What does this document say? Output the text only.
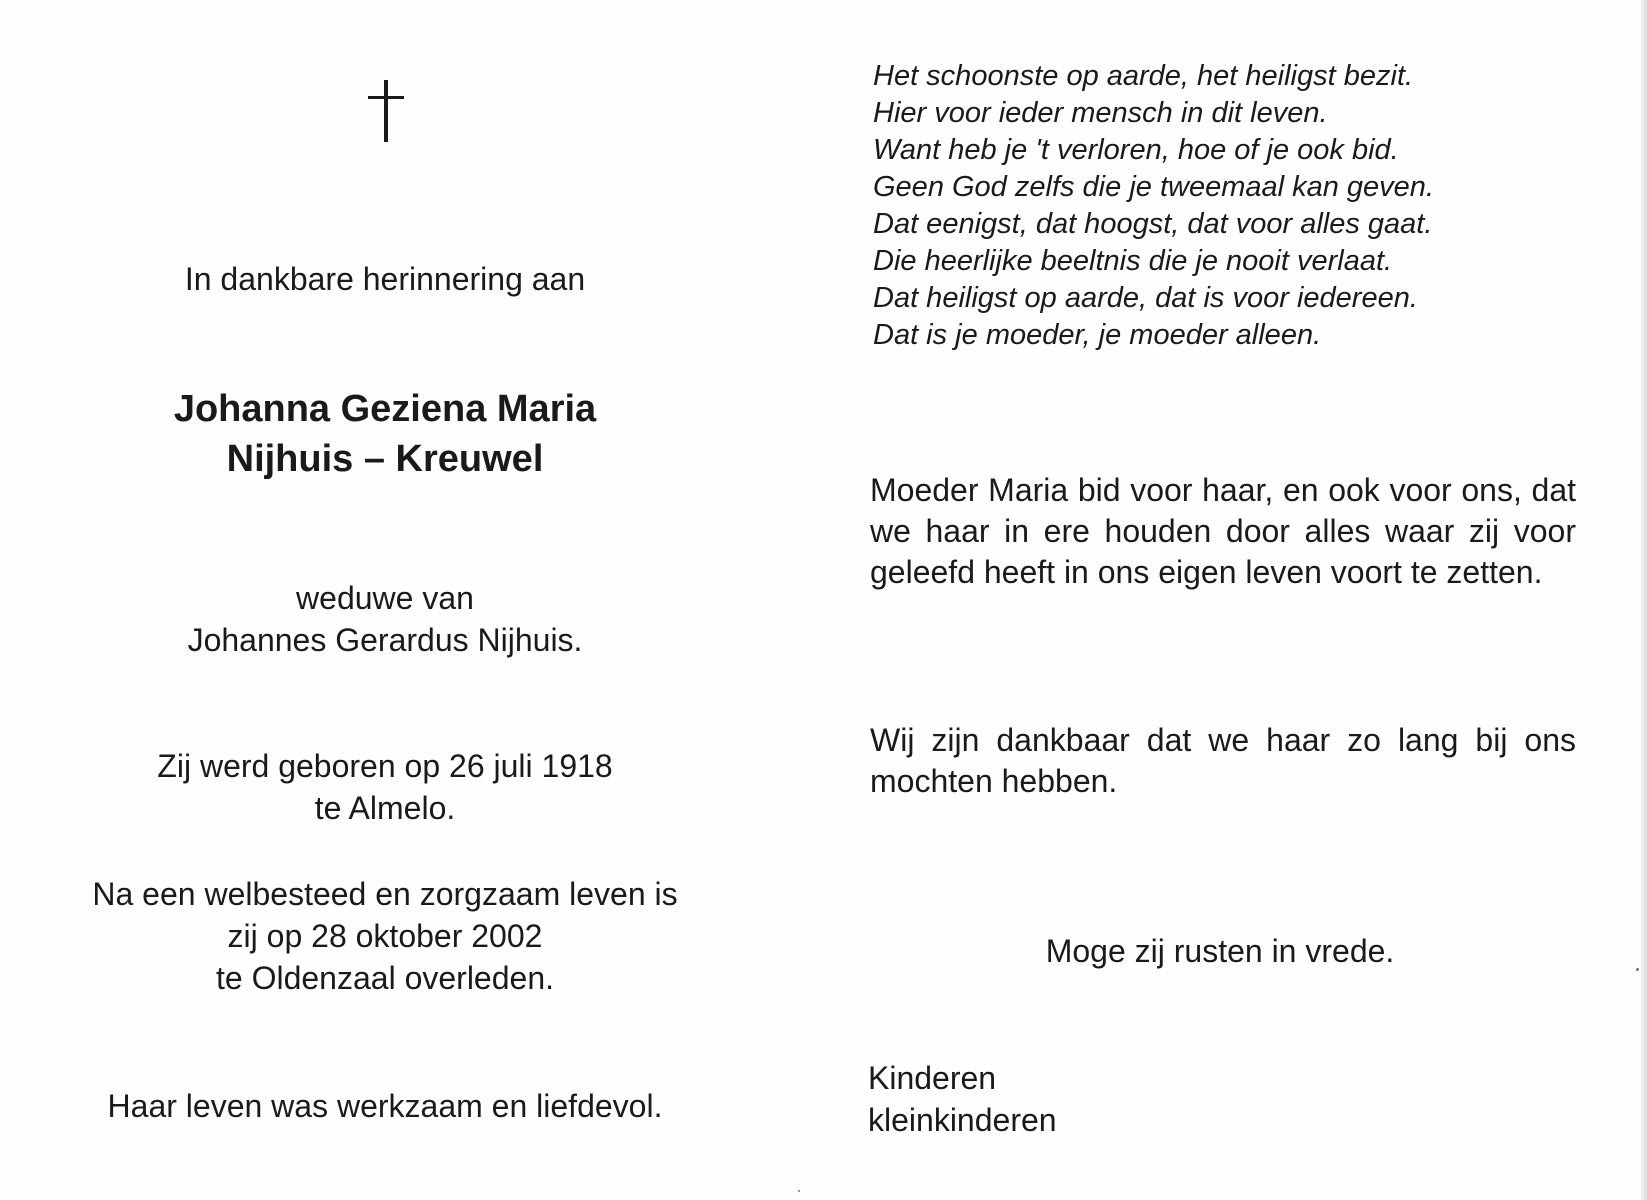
In dankbare herinnering aan
Johanna Geziena Maria
Nijhuis – Kreuwel
weduwe van
Johannes Gerardus Nijhuis.
Zij werd geboren op 26 juli 1918
te Almelo.
Na een welbesteed en zorgzaam leven is
zij op 28 oktober 2002
te Oldenzaal overleden.
Haar leven was werkzaam en liefdevol.
Het schoonste op aarde, het heiligst bezit.
Hier voor ieder mensch in dit leven.
Want heb je 't verloren, hoe of je ook bid.
Geen God zelfs die je tweemaal kan geven.
Dat eenigst, dat hoogst, dat voor alles gaat.
Die heerlijke beeltnis die je nooit verlaat.
Dat heiligst op aarde, dat is voor iedereen.
Dat is je moeder, je moeder alleen.
Moeder Maria bid voor haar, en ook voor ons, dat we haar in ere houden door alles waar zij voor geleefd heeft in ons eigen leven voort te zetten.
Wij zijn dankbaar dat we haar zo lang bij ons mochten hebben.
Moge zij rusten in vrede.
Kinderen
kleinkinderen
